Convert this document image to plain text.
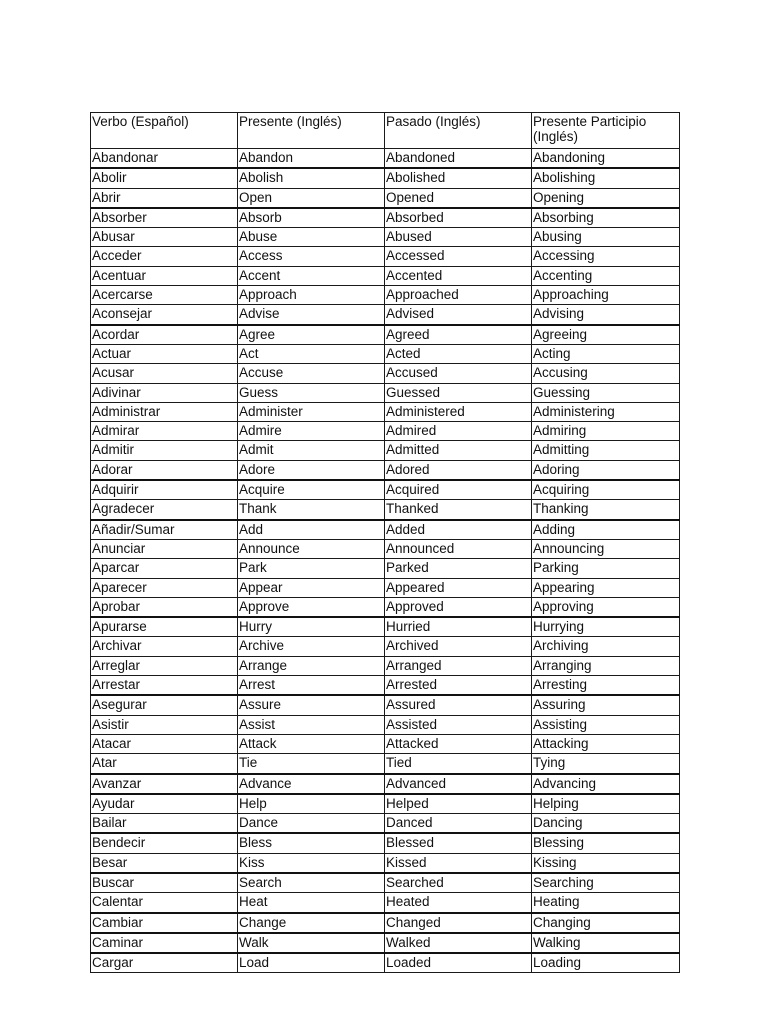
Verbo (Español)	Presente (Inglés)	Pasado (Inglés)	Presente Participio (Inglés)
Abandonar	Abandon	Abandoned	Abandoning
Abolir	Abolish	Abolished	Abolishing
Abrir	Open	Opened	Opening
Absorber	Absorb	Absorbed	Absorbing
Abusar	Abuse	Abused	Abusing
Acceder	Access	Accessed	Accessing
Acentuar	Accent	Accented	Accenting
Acercarse	Approach	Approached	Approaching
Aconsejar	Advise	Advised	Advising
Acordar	Agree	Agreed	Agreeing
Actuar	Act	Acted	Acting
Acusar	Accuse	Accused	Accusing
Adivinar	Guess	Guessed	Guessing
Administrar	Administer	Administered	Administering
Admirar	Admire	Admired	Admiring
Admitir	Admit	Admitted	Admitting
Adorar	Adore	Adored	Adoring
Adquirir	Acquire	Acquired	Acquiring
Agradecer	Thank	Thanked	Thanking
Añadir/Sumar	Add	Added	Adding
Anunciar	Announce	Announced	Announcing
Aparcar	Park	Parked	Parking
Aparecer	Appear	Appeared	Appearing
Aprobar	Approve	Approved	Approving
Apurarse	Hurry	Hurried	Hurrying
Archivar	Archive	Archived	Archiving
Arreglar	Arrange	Arranged	Arranging
Arrestar	Arrest	Arrested	Arresting
Asegurar	Assure	Assured	Assuring
Asistir	Assist	Assisted	Assisting
Atacar	Attack	Attacked	Attacking
Atar	Tie	Tied	Tying
Avanzar	Advance	Advanced	Advancing
Ayudar	Help	Helped	Helping
Bailar	Dance	Danced	Dancing
Bendecir	Bless	Blessed	Blessing
Besar	Kiss	Kissed	Kissing
Buscar	Search	Searched	Searching
Calentar	Heat	Heated	Heating
Cambiar	Change	Changed	Changing
Caminar	Walk	Walked	Walking
Cargar	Load	Loaded	Loading
